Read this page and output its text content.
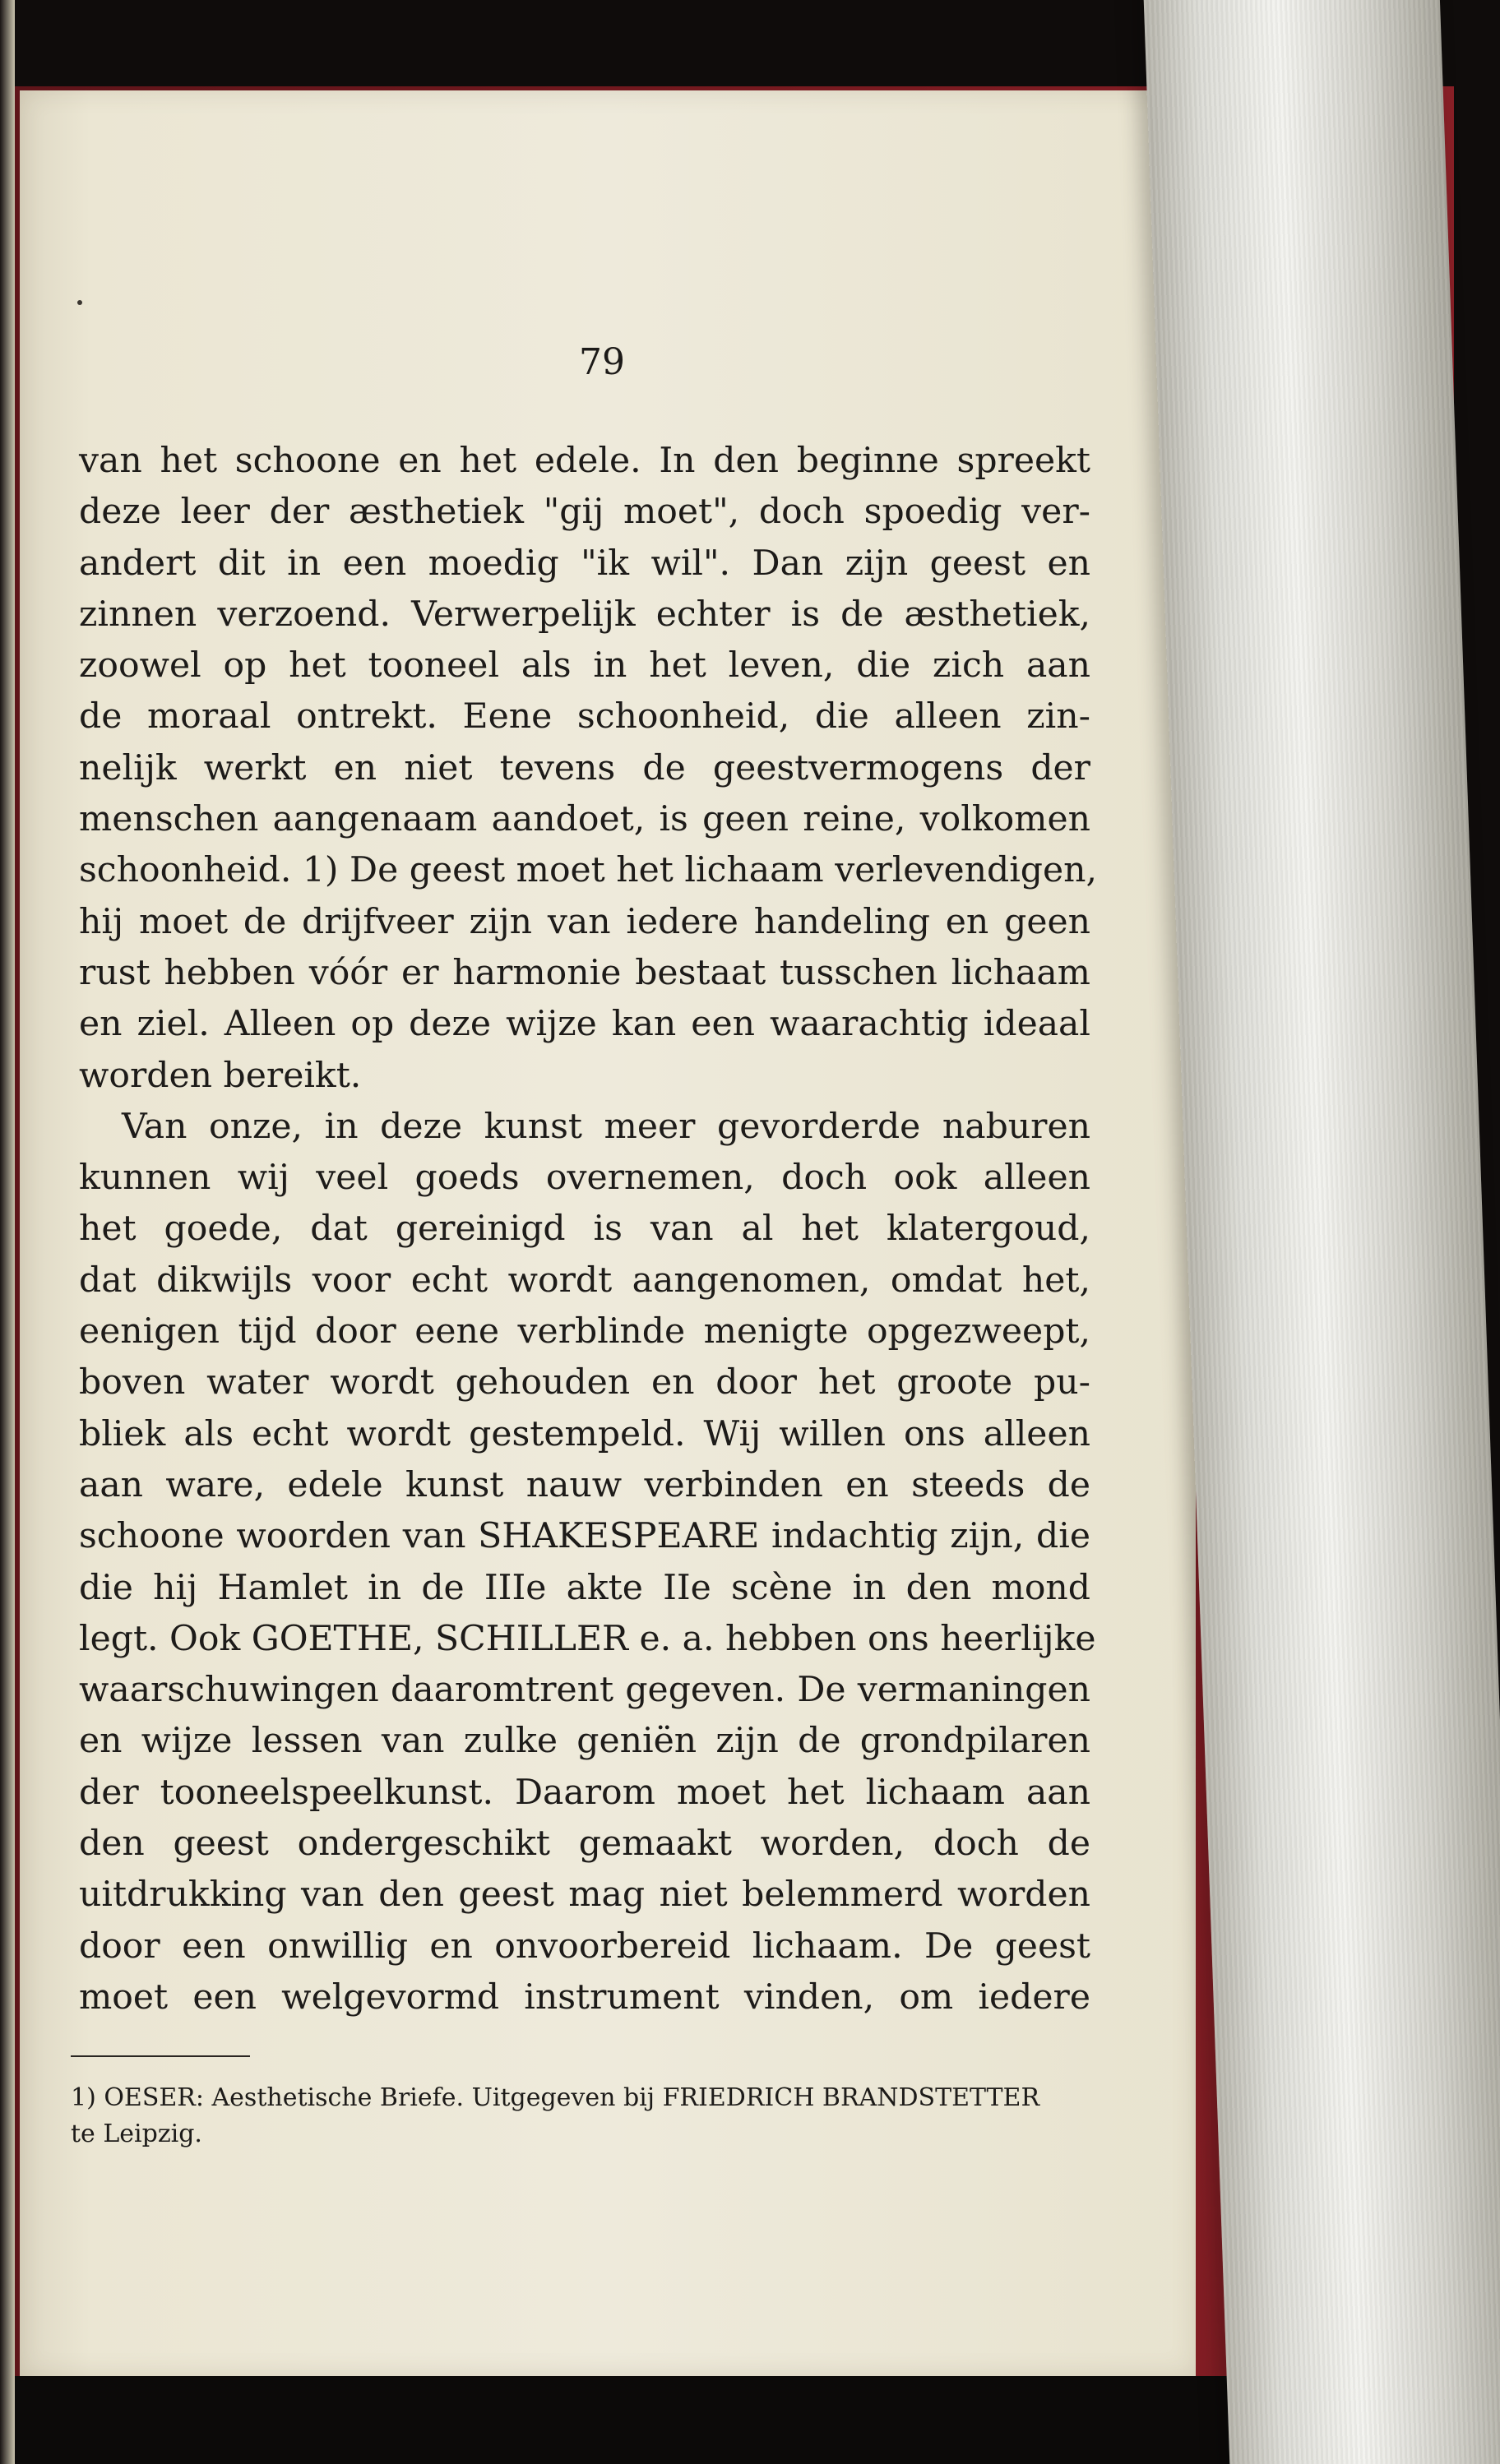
79
van het schoone en het edele. In den beginne spreekt
deze leer der æsthetiek "gij moet", doch spoedig ver-
andert dit in een moedig "ik wil". Dan zijn geest en
zinnen verzoend. Verwerpelijk echter is de æsthetiek,
zoowel op het tooneel als in het leven, die zich aan
de moraal ontrekt. Eene schoonheid, die alleen zin-
nelijk werkt en niet tevens de geestvermogens der
menschen aangenaam aandoet, is geen reine, volkomen
schoonheid. 1) De geest moet het lichaam verlevendigen,
hij moet de drijfveer zijn van iedere handeling en geen
rust hebben vóór er harmonie bestaat tusschen lichaam
en ziel. Alleen op deze wijze kan een waarachtig ideaal
worden bereikt.
Van onze, in deze kunst meer gevorderde naburen
kunnen wij veel goeds overnemen, doch ook alleen
het goede, dat gereinigd is van al het klatergoud,
dat dikwijls voor echt wordt aangenomen, omdat het,
eenigen tijd door eene verblinde menigte opgezweept,
boven water wordt gehouden en door het groote pu-
bliek als echt wordt gestempeld. Wij willen ons alleen
aan ware, edele kunst nauw verbinden en steeds de
schoone woorden van SHAKESPEARE indachtig zijn, die
die hij Hamlet in de IIIe akte IIe scène in den mond
legt. Ook GOETHE, SCHILLER e. a. hebben ons heerlijke
waarschuwingen daaromtrent gegeven. De vermaningen
en wijze lessen van zulke geniën zijn de grondpilaren
der tooneelspeelkunst. Daarom moet het lichaam aan
den geest ondergeschikt gemaakt worden, doch de
uitdrukking van den geest mag niet belemmerd worden
door een onwillig en onvoorbereid lichaam. De geest
moet een welgevormd instrument vinden, om iedere
1) OESER: Aesthetische Briefe. Uitgegeven bij FRIEDRICH BRANDSTETTER
te Leipzig.
